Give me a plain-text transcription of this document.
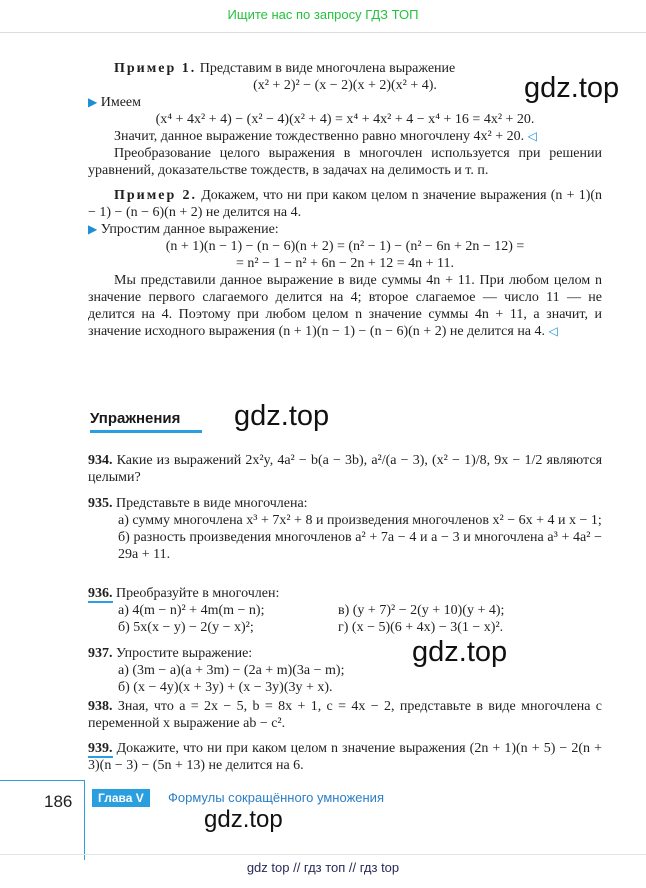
Ищите нас по запросу ГДЗ ТОП

Пример 1. Представим в виде многочлена выражение

(x² + 2)² − (x − 2)(x + 2)(x² + 4).

▶ Имеем

(x⁴ + 4x² + 4) − (x² − 4)(x² + 4) = x⁴ + 4x² + 4 − x⁴ + 16 = 4x² + 20.

Значит, данное выражение тождественно равно многочлену 4x² + 20. ◁

Преобразование целого выражения в многочлен используется при решении уравнений, доказательстве тождеств, в задачах на делимость и т. п.

Пример 2. Докажем, что ни при каком целом n значение выражения (n + 1)(n − 1) − (n − 6)(n + 2) не делится на 4.

▶ Упростим данное выражение:

(n + 1)(n − 1) − (n − 6)(n + 2) = (n² − 1) − (n² − 6n + 2n − 12) =

= n² − 1 − n² + 6n − 2n + 12 = 4n + 11.

Мы представили данное выражение в виде суммы 4n + 11. При любом целом n значение первого слагаемого делится на 4; второе слагаемое — число 11 — не делится на 4. Поэтому при любом целом n значение суммы 4n + 11, а значит, и значение исходного выражения (n + 1)(n − 1) − (n − 6)(n + 2) не делится на 4. ◁

gdz.top
gdz.top
gdz.top
gdz.top
Упражнения

934. Какие из выражений 2x²y, 4a² − b(a − 3b), a²/(a − 3), (x² − 1)/8, 9x − 1/2 являются целыми?

935. Представьте в виде многочлена:

а) сумму многочлена x³ + 7x² + 8 и произведения многочленов x² − 6x + 4 и x − 1;

б) разность произведения многочленов a² + 7a − 4 и a − 3 и многочлена a³ + 4a² − 29a + 11.

936. Преобразуйте в многочлен:

а) 4(m − n)² + 4m(m − n);	в) (y + 7)² − 2(y + 10)(y + 4);
б) 5x(x − y) − 2(y − x)²;	г) (x − 5)(6 + 4x) − 3(1 − x)².

937. Упростите выражение:

а) (3m − a)(a + 3m) − (2a + m)(3a − m);

б) (x − 4y)(x + 3y) + (x − 3y)(3y + x).

938. Зная, что a = 2x − 5, b = 8x + 1, c = 4x − 2, представьте в виде многочлена с переменной x выражение ab − c².

939. Докажите, что ни при каком целом n значение выражения (2n + 1)(n + 5) − 2(n + 3)(n − 3) − (5n + 13) не делится на 6.

186	Глава V	Формулы сокращённого умножения
gdz top // гдз топ // гдз top
